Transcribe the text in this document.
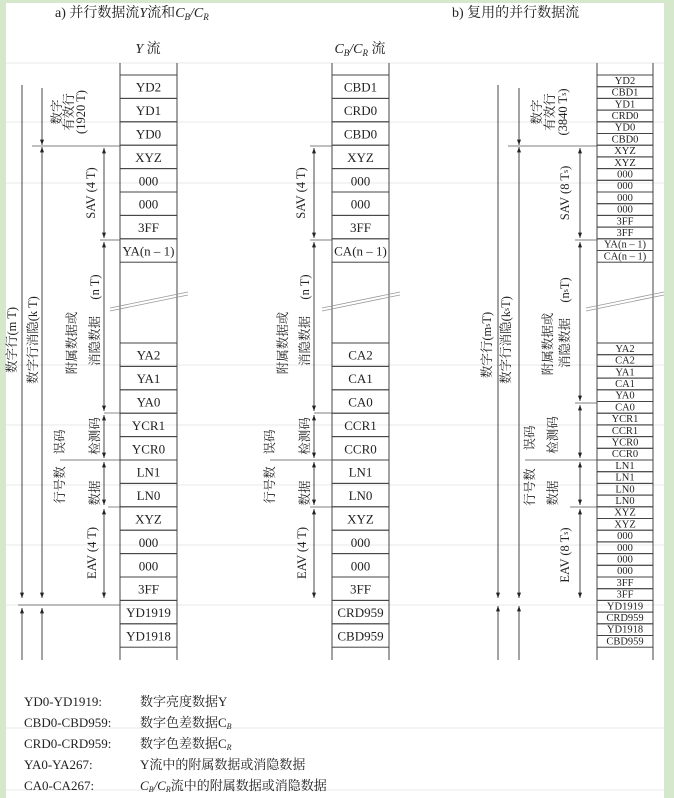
a) 并行数据流Y流和$C_B/C_R$	b) 复用的并行数据流
Y 流	$C_B/C_R$ 流
YD2
YD1
YD0
XYZ
000
000
3FF
YA(n – 1)
YA2
YA1
YA0
YCR1
YCR0
LN1
LN0
XYZ
000
000
3FF
YD1919
YD1918
CBD1
CRD0
CBD0
XYZ
000
000
3FF
CA(n – 1)
CA2
CA1
CA0
CCR1
CCR0
LN1
LN0
XYZ
000
000
3FF
CRD959
CBD959
YD2
CBD1
YD1
CRD0
YD0
CBD0
XYZ
XYZ
000
000
000
000
3FF
3FF
YA(n – 1)
CA(n – 1)
YA2
CA2
YA1
CA1
YA0
CA0
YCR1
CCR1
YCR0
CCR0
LN1
LN1
LN0
LN0
XYZ
XYZ
000
000
000
000
3FF
3FF
YD1919
CRD959
YD1918
CBD959
数字
有效行
(1920 T)
SAV (4 T)
(n T)
附属数据或 消隐数据
检测码
误码
行号数 数据
EAV (4 T)
数字行(m T) 数字行消隐(k T)
SAV (4 T)
(n T)
附属数据或 消隐数据
检测码
误码
行号数 数据
EAV (4 T)
数字 有效行 (3840 Ts)
SAV (8 Ts)
(nsT)
附属数据或 消隐数据
检测码
误码
行号数 数据
EAV (8 Ts)
数字行(msT) 数字行消隐(ksT)
YD0-YD1919:	数字亮度数据Y
CBD0-CBD959: 数字色差数据CB
CRD0-CRD959: 数字色差数据CR
YA0-YA267:	Y流中的附属数据或消隐数据
CA0-CA267:	CB/CR流中的附属数据或消隐数据
